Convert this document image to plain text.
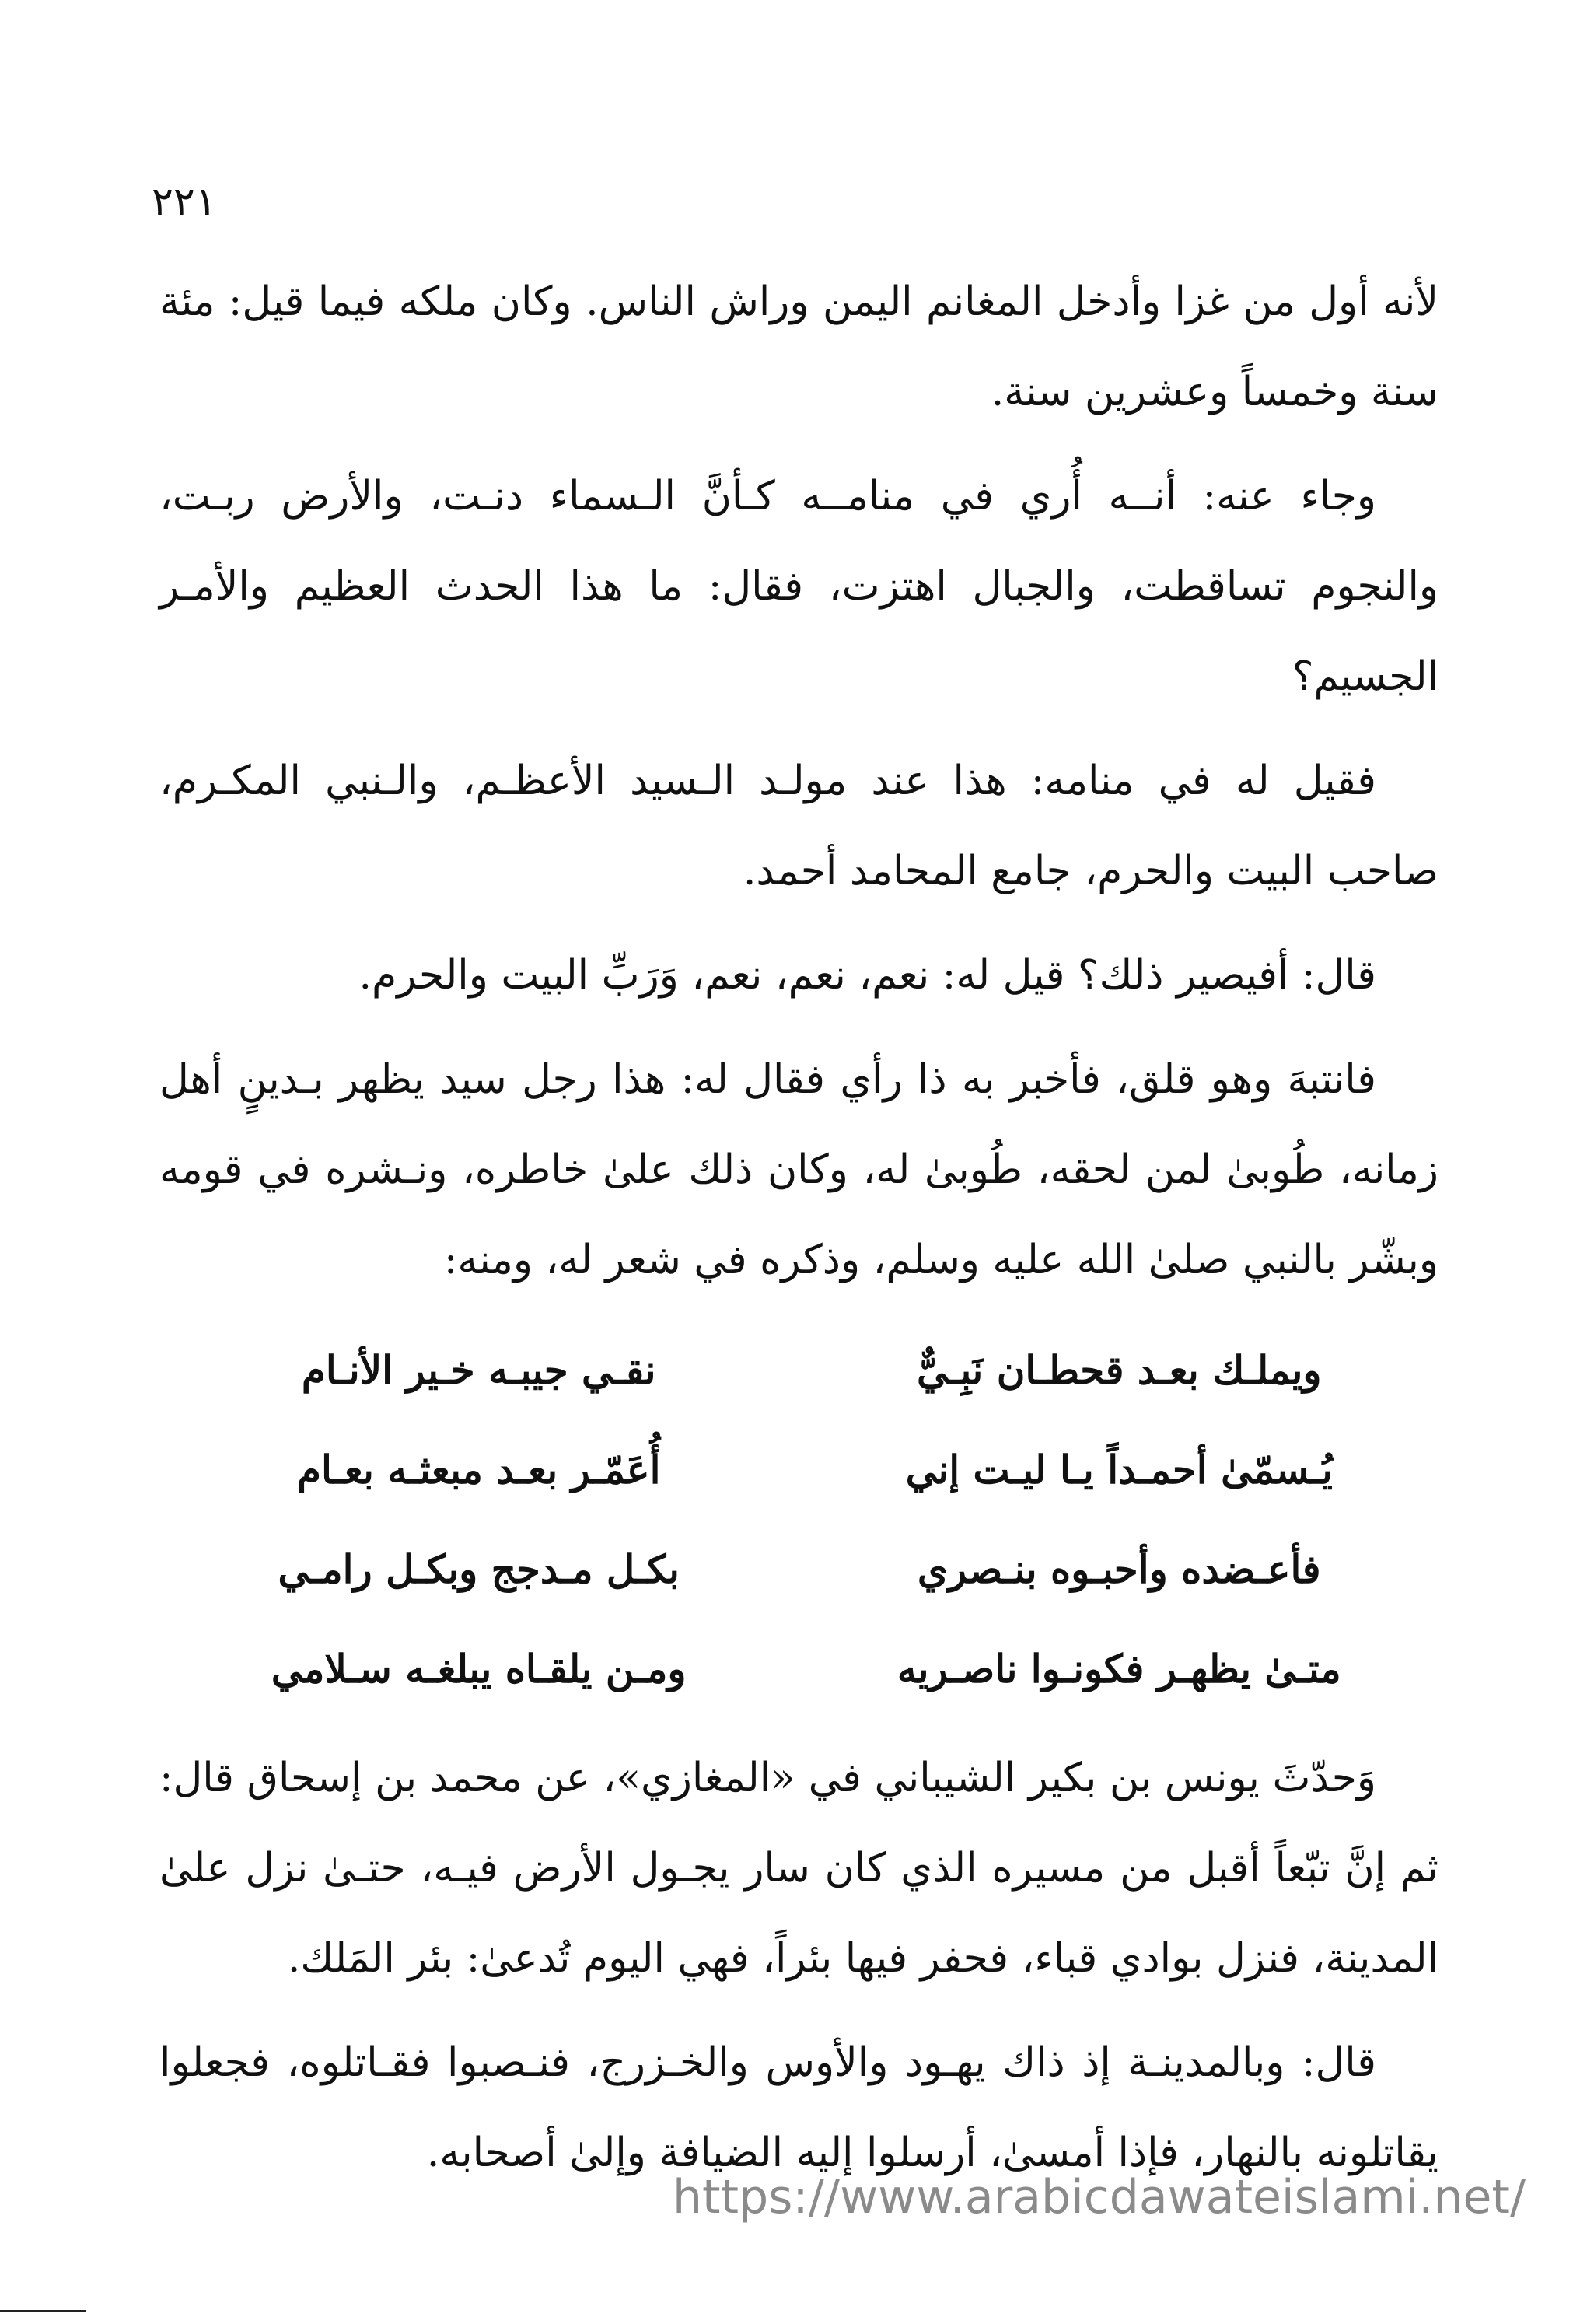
٢٢١

لأنه أول من غزا وأدخل المغانم اليمن وراش الناس. وكان ملكه فيما قيل: مئة سنة وخمساً وعشرين سنة.

وجاء عنه: أنــه أُري في منامــه كـأنَّ الـسماء دنـت، والأرض ربـت، والنجوم تساقطت، والجبال اهتزت، فقال: ما هذا الحدث العظيم والأمـر الجسيم؟

فقيل له في منامه: هذا عند مولـد الـسيد الأعظـم، والـنبي المكـرم، صاحب البيت والحرم، جامع المحامد أحمد.

قال: أفيصير ذلك؟ قيل له: نعم، نعم، نعم، وَرَبِّ البيت والحرم.

فانتبهَ وهو قلق، فأخبر به ذا رأي فقال له: هذا رجل سيد يظهر بـدينٍ أهل زمانه، طُوبىٰ لمن لحقه، طُوبىٰ له، وكان ذلك علىٰ خاطره، ونـشره في قومه وبشّر بالنبي صلىٰ الله عليه وسلم، وذكره في شعر له، ومنه:

ويملـك بعـد قحطـان نَبِـيٌّ
نقـي جيبـه خـير الأنـام
يُـسمّىٰ أحمـداً يـا ليـت إني
أُعَمّـر بعـد مبعثـه بعـام
فأعـضده وأحبـوه بنـصري
بكـل مـدجج وبكـل رامـي
متـىٰ يظهـر فكونـوا ناصـريه
ومـن يلقـاه يبلغـه سـلامي

وَحدّثَ يونس بن بكير الشيباني في «المغازي»، عن محمد بن إسحاق قال: ثم إنَّ تبّعاً أقبل من مسيره الذي كان سار يجـول الأرض فيـه، حتـىٰ نزل علىٰ المدينة، فنزل بوادي قباء، فحفر فيها بئراً، فهي اليوم تُدعىٰ: بئر المَلك.

قال: وبالمدينـة إذ ذاك يهـود والأوس والخـزرج، فنـصبوا فقـاتلوه، فجعلوا يقاتلونه بالنهار، فإذا أمسىٰ، أرسلوا إليه الضيافة وإلىٰ أصحابه.

https://www.arabicdawateislami.net/
